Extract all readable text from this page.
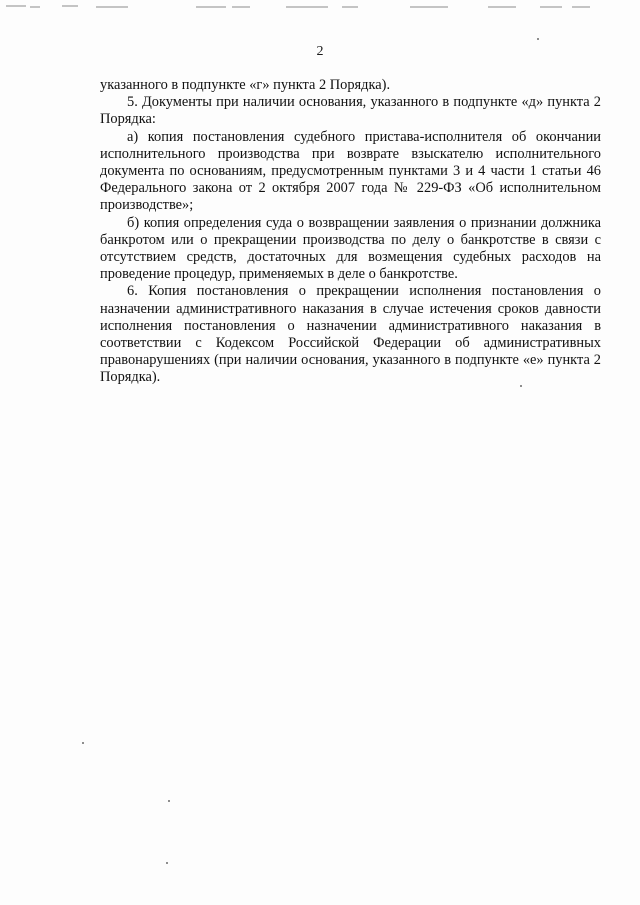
2

указанного в подпункте «г» пункта 2 Порядка).

5. Документы при наличии основания, указанного в подпункте «д» пункта 2 Порядка:

а) копия постановления судебного пристава-исполнителя об окончании исполнительного производства при возврате взыскателю исполнительного документа по основаниям, предусмотренным пунктами 3 и 4 части 1 статьи 46 Федерального закона от 2 октября 2007 года № 229-ФЗ «Об исполнительном производстве»;

б) копия определения суда о возвращении заявления о признании должника банкротом или о прекращении производства по делу о банкротстве в связи с отсутствием средств, достаточных для возмещения судебных расходов на проведение процедур, применяемых в деле о банкротстве.

6. Копия постановления о прекращении исполнения постановления о назначении административного наказания в случае истечения сроков давности исполнения постановления о назначении административного наказания в соответствии с Кодексом Российской Федерации об административных правонарушениях (при наличии основания, указанного в подпункте «е» пункта 2 Порядка).
